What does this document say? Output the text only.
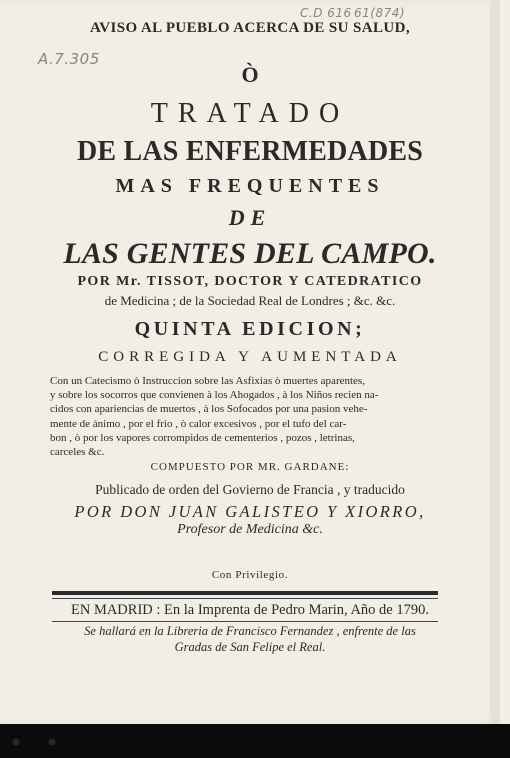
C.D 616 61(874)
AVISO AL PUEBLO ACERCA DE SU SALUD,
A.7.305
Ò
TRATADO
DE LAS ENFERMEDADES
MAS FREQUENTES
DE
LAS GENTES DEL CAMPO.
POR Mr. TISSOT, DOCTOR Y CATEDRATICO
de Medicina ; de la Sociedad Real de Londres ; &c. &c.
QUINTA EDICION;
CORREGIDA Y AUMENTADA
Con un Catecismo ò Instruccion sobre las Asfixias ò muertes aparentes,
y sobre los socorros que convienen à los Ahogados , à los Niños recien na-
cidos con apariencias de muertos , à los Sofocados por una pasion vehe-
mente de ánimo , por el frio , ò calor excesivos , por el tufo del car-
bon , ò por los vapores corrompidos de cementerios , pozos , letrinas,
carceles &c.
COMPUESTO POR MR. GARDANE:
Publicado de orden del Govierno de Francia , y traducido
POR DON JUAN GALISTEO Y XIORRO,
Profesor de Medicina &c.
Con Privilegio.
EN MADRID : En la Imprenta de Pedro Marin, Año de 1790.
Se hallará en la Libreria de Francisco Fernandez , enfrente de las
Gradas de San Felipe el Real.
